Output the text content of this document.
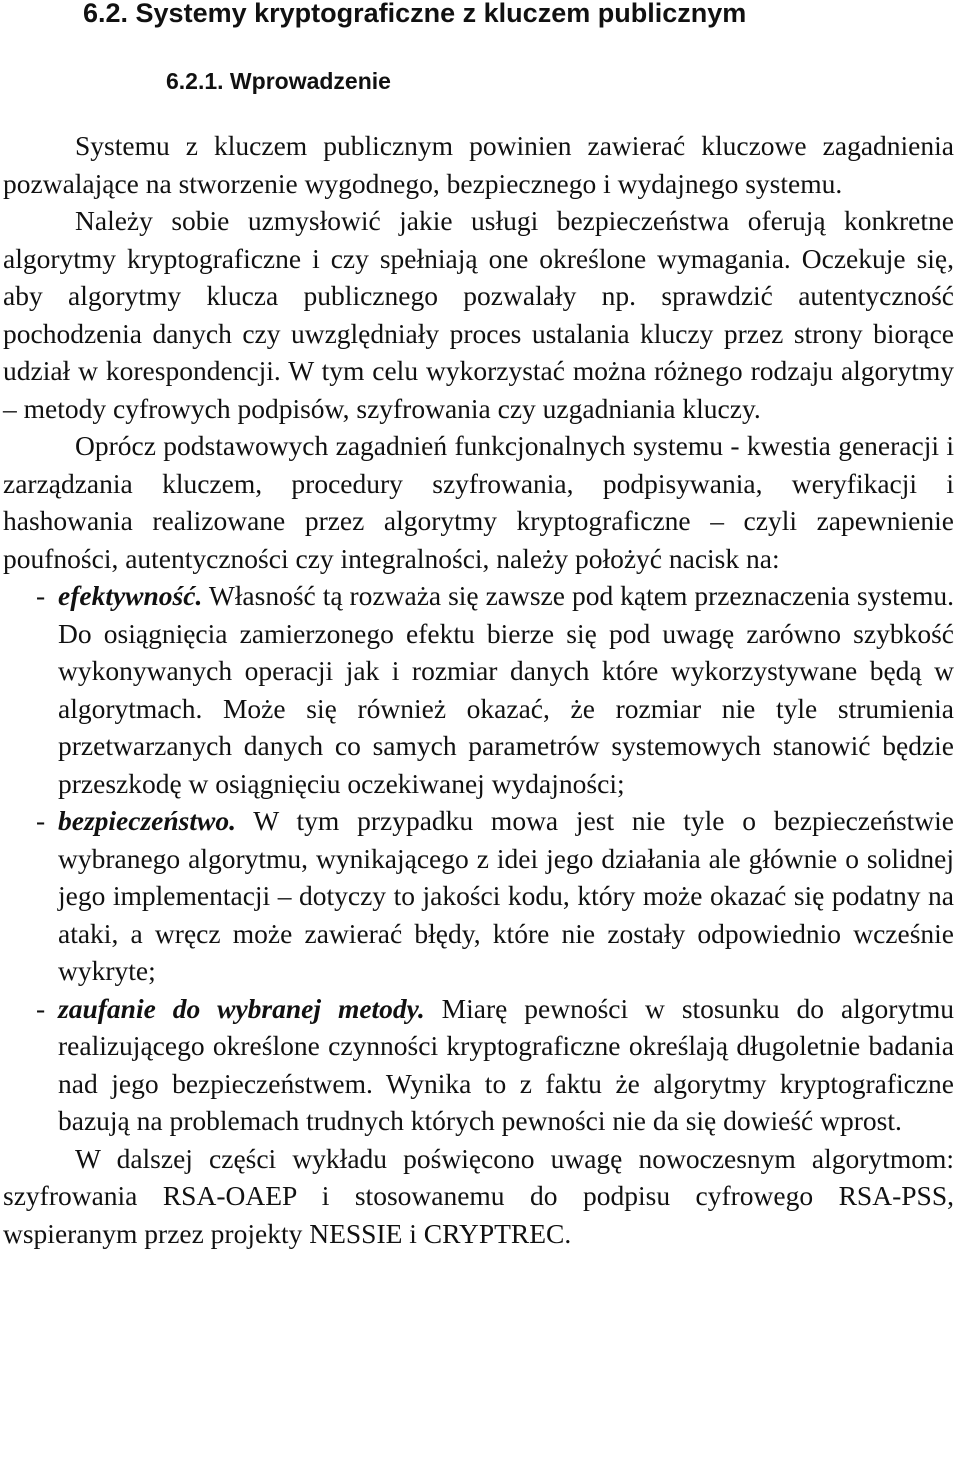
6.2. Systemy kryptograficzne z kluczem publicznym
6.2.1. Wprowadzenie

Systemu z kluczem publicznym powinien zawierać kluczowe zagadnienia pozwalające na stworzenie wygodnego, bezpiecznego i wydajnego systemu.

Należy sobie uzmysłowić jakie usługi bezpieczeństwa oferują konkretne algorytmy kryptograficzne i czy spełniają one określone wymagania. Oczekuje się, aby algorytmy klucza publicznego pozwalały np. sprawdzić autentyczność pochodzenia danych czy uwzględniały proces ustalania kluczy przez strony biorące udział w korespondencji. W tym celu wykorzystać można różnego rodzaju algorytmy – metody cyfrowych podpisów, szyfrowania czy uzgadniania kluczy.

Oprócz podstawowych zagadnień funkcjonalnych systemu - kwestia generacji i zarządzania kluczem, procedury szyfrowania, podpisywania, weryfikacji i hashowania realizowane przez algorytmy kryptograficzne – czyli zapewnienie poufności, autentyczności czy integralności, należy położyć nacisk na:

- efektywność. Własność tą rozważa się zawsze pod kątem przeznaczenia systemu. Do osiągnięcia zamierzonego efektu bierze się pod uwagę zarówno szybkość wykonywanych operacji jak i rozmiar danych które wykorzystywane będą w algorytmach. Może się również okazać, że rozmiar nie tyle strumienia przetwarzanych danych co samych parametrów systemowych stanowić będzie przeszkodę w osiągnięciu oczekiwanej wydajności;

- bezpieczeństwo. W tym przypadku mowa jest nie tyle o bezpieczeństwie wybranego algorytmu, wynikającego z idei jego działania ale głównie o solidnej jego implementacji – dotyczy to jakości kodu, który może okazać się podatny na ataki, a wręcz może zawierać błędy, które nie zostały odpowiednio wcześnie wykryte;

- zaufanie do wybranej metody. Miarę pewności w stosunku do algorytmu realizującego określone czynności kryptograficzne określają długoletnie badania nad jego bezpieczeństwem. Wynika to z faktu że algorytmy kryptograficzne bazują na problemach trudnych których pewności nie da się dowieść wprost.

W dalszej części wykładu poświęcono uwagę nowoczesnym algorytmom: szyfrowania RSA-OAEP i stosowanemu do podpisu cyfrowego RSA-PSS, wspieranym przez projekty NESSIE i CRYPTREC.
